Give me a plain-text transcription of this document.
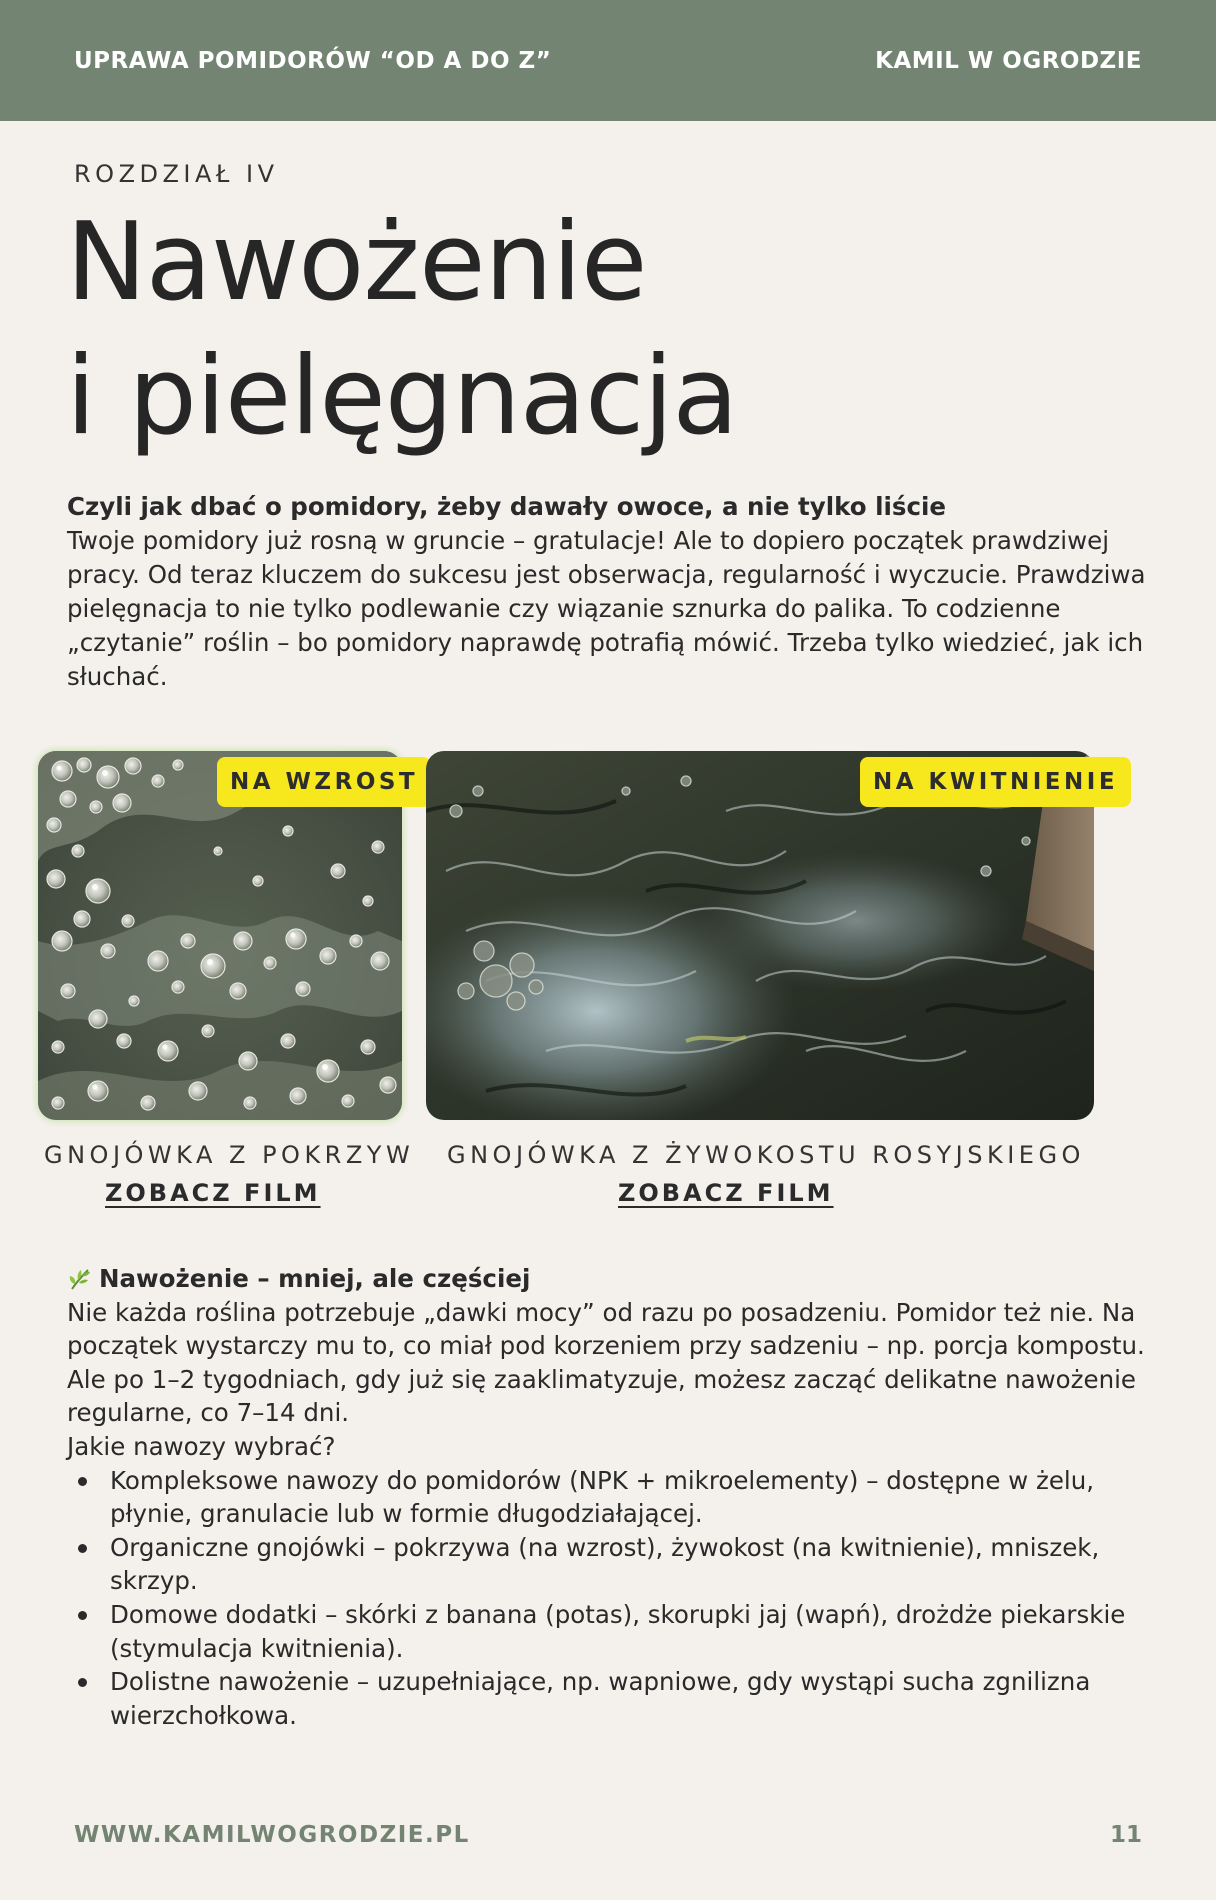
UPRAWA POMIDORÓW “OD A DO Z”	KAMIL W OGRODZIE
ROZDZIAŁ IV
Nawożenie
i pielęgnacja
Czyli jak dbać o pomidory, żeby dawały owoce, a nie tylko liście
Twoje pomidory już rosną w gruncie – gratulacje! Ale to dopiero początek prawdziwej pracy. Od teraz kluczem do sukcesu jest obserwacja, regularność i wyczucie. Prawdziwa pielęgnacja to nie tylko podlewanie czy wiązanie sznurka do palika. To codzienne „czytanie” roślin – bo pomidory naprawdę potrafią mówić. Trzeba tylko wiedzieć, jak ich słuchać.
NA WZROST	NA KWITNIENIE
GNOJÓWKA Z POKRZYW GNOJÓWKA Z ŻYWOKOSTU ROSYJSKIEGO
ZOBACZ FILM	ZOBACZ FILM
Nawożenie – mniej, ale częściej

Nie każda roślina potrzebuje „dawki mocy” od razu po posadzeniu. Pomidor też nie. Na początek wystarczy mu to, co miał pod korzeniem przy sadzeniu – np. porcja kompostu.

Ale po 1–2 tygodniach, gdy już się zaaklimatyzuje, możesz zacząć delikatne nawożenie regularne, co 7–14 dni.

Jakie nawozy wybrać?

Kompleksowe nawozy do pomidorów (NPK + mikroelementy) – dostępne w żelu, płynie, granulacie lub w formie długodziałającej.
Organiczne gnojówki – pokrzywa (na wzrost), żywokost (na kwitnienie), mniszek, skrzyp.
Domowe dodatki – skórki z banana (potas), skorupki jaj (wapń), drożdże piekarskie (stymulacja kwitnienia).
Dolistne nawożenie – uzupełniające, np. wapniowe, gdy wystąpi sucha zgnilizna wierzchołkowa.
WWW.KAMILWOGRODZIE.PL	11
